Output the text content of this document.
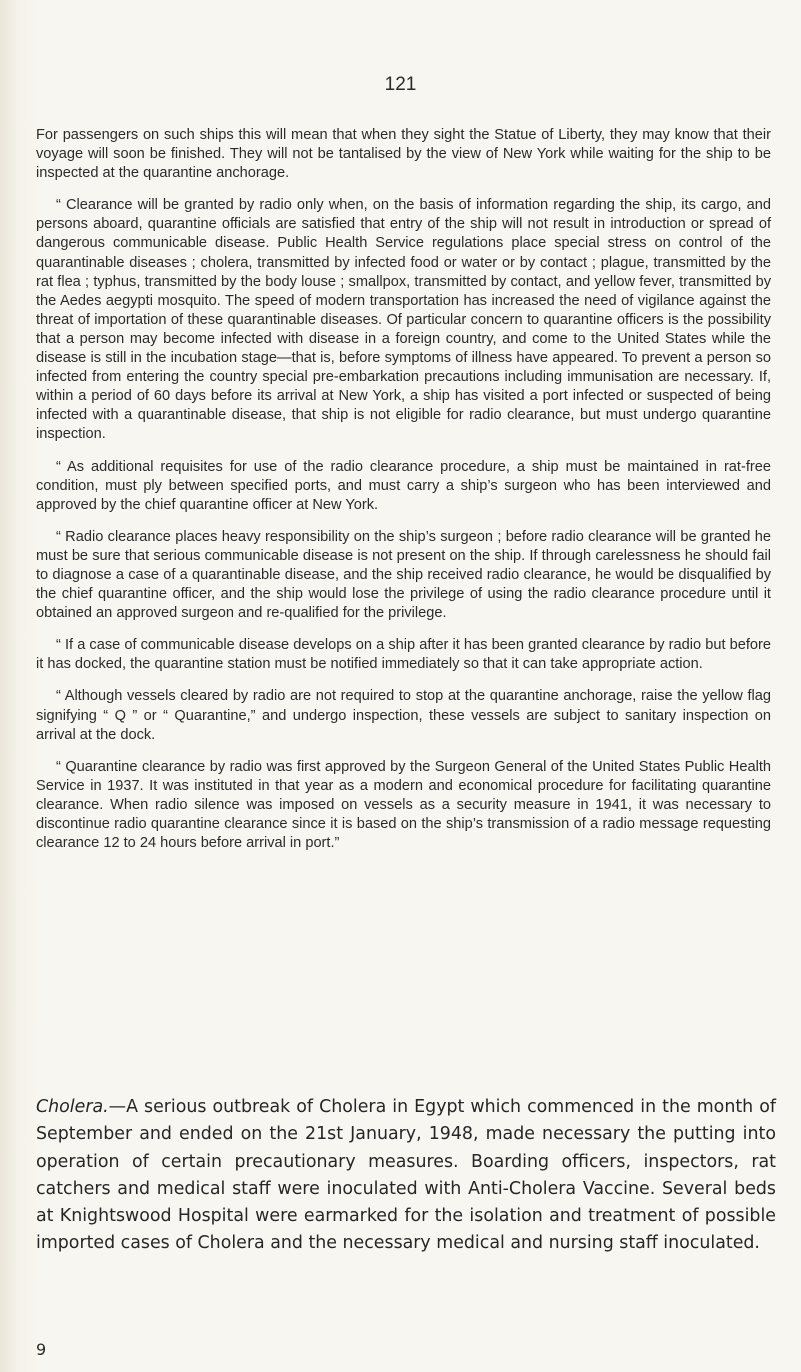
121

For passengers on such ships this will mean that when they sight the Statue of Liberty, they may know that their voyage will soon be finished. They will not be tantalised by the view of New York while waiting for the ship to be inspected at the quarantine anchorage.

“ Clearance will be granted by radio only when, on the basis of information regarding the ship, its cargo, and persons aboard, quarantine officials are satisfied that entry of the ship will not result in introduction or spread of dangerous communicable disease. Public Health Service regulations place special stress on control of the quarantinable diseases ; cholera, transmitted by infected food or water or by contact ; plague, transmitted by the rat flea ; typhus, transmitted by the body louse ; smallpox, transmitted by contact, and yellow fever, transmitted by the Aedes aegypti mosquito. The speed of modern transportation has increased the need of vigilance against the threat of importation of these quarantinable diseases. Of particular concern to quarantine officers is the possibility that a person may become infected with disease in a foreign country, and come to the United States while the disease is still in the incubation stage—that is, before symptoms of illness have appeared. To prevent a person so infected from entering the country special pre-embarkation precautions including immunisation are necessary. If, within a period of 60 days before its arrival at New York, a ship has visited a port infected or suspected of being infected with a quarantinable disease, that ship is not eligible for radio clearance, but must undergo quarantine inspection.

“ As additional requisites for use of the radio clearance procedure, a ship must be maintained in rat-free condition, must ply between specified ports, and must carry a ship’s surgeon who has been interviewed and approved by the chief quarantine officer at New York.

“ Radio clearance places heavy responsibility on the ship’s surgeon ; before radio clearance will be granted he must be sure that serious communicable disease is not present on the ship. If through carelessness he should fail to diagnose a case of a quarantinable disease, and the ship received radio clearance, he would be disqualified by the chief quarantine officer, and the ship would lose the privilege of using the radio clearance procedure until it obtained an approved surgeon and re-qualified for the privilege.

“ If a case of communicable disease develops on a ship after it has been granted clearance by radio but before it has docked, the quarantine station must be notified immediately so that it can take appropriate action.

“ Although vessels cleared by radio are not required to stop at the quarantine anchorage, raise the yellow flag signifying “ Q ” or “ Quarantine,” and undergo inspection, these vessels are subject to sanitary inspection on arrival at the dock.

“ Quarantine clearance by radio was first approved by the Surgeon General of the United States Public Health Service in 1937. It was instituted in that year as a modern and economical procedure for facilitating quarantine clearance. When radio silence was imposed on vessels as a security measure in 1941, it was necessary to discontinue radio quarantine clearance since it is based on the ship’s transmission of a radio message requesting clearance 12 to 24 hours before arrival in port.”

Cholera.—A serious outbreak of Cholera in Egypt which commenced in the month of September and ended on the 21st January, 1948, made necessary the putting into operation of certain precautionary measures. Boarding officers, inspectors, rat catchers and medical staff were inoculated with Anti-Cholera Vaccine. Several beds at Knightswood Hospital were earmarked for the isolation and treatment of possible imported cases of Cholera and the necessary medical and nursing staff inoculated.

9
